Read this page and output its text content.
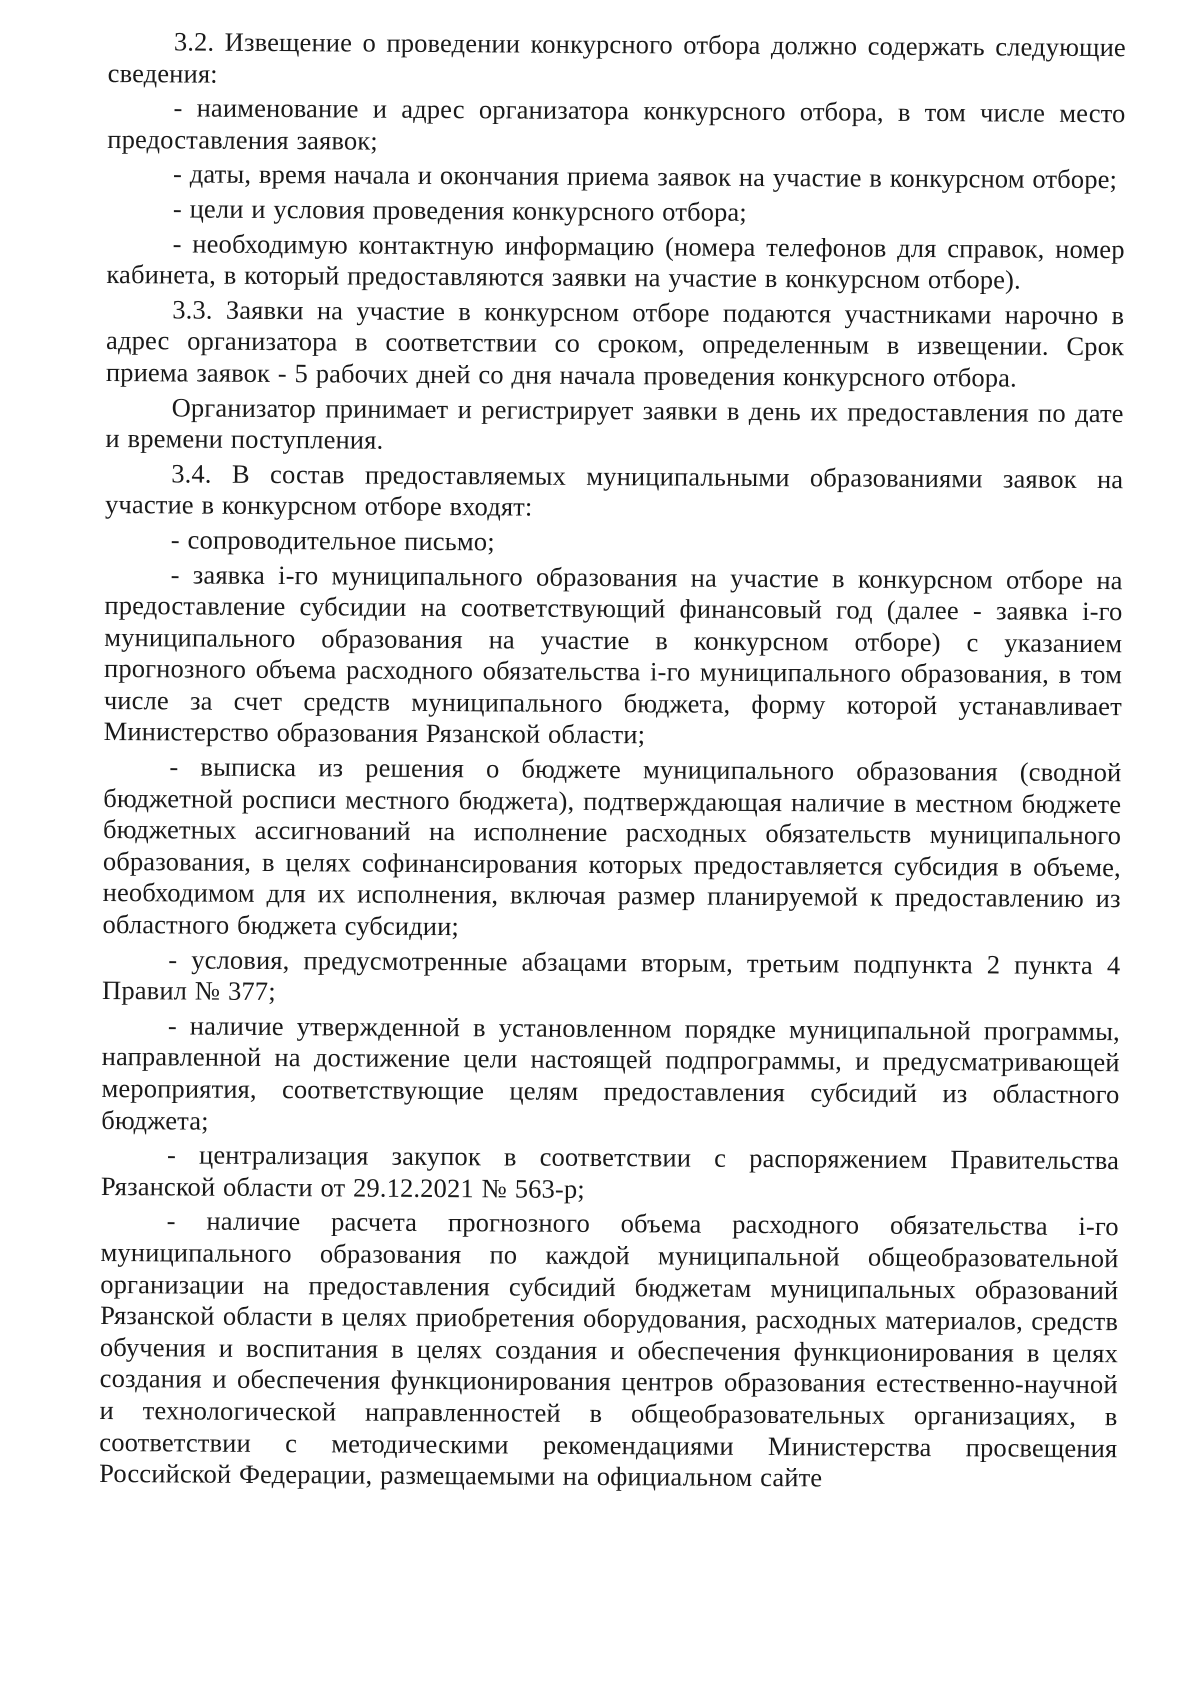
3.2. Извещение о проведении конкурсного отбора должно содержать следующие сведения:

- наименование и адрес организатора конкурсного отбора, в том числе место предоставления заявок;

- даты, время начала и окончания приема заявок на участие в конкурсном отборе;

- цели и условия проведения конкурсного отбора;

- необходимую контактную информацию (номера телефонов для справок, номер кабинета, в который предоставляются заявки на участие в конкурсном отборе).

3.3. Заявки на участие в конкурсном отборе подаются участниками нарочно в адрес организатора в соответствии со сроком, определенным в извещении. Срок приема заявок - 5 рабочих дней со дня начала проведения конкурсного отбора.

Организатор принимает и регистрирует заявки в день их предоставления по дате и времени поступления.

3.4. В состав предоставляемых муниципальными образованиями заявок на участие в конкурсном отборе входят:

- сопроводительное письмо;

- заявка i-го муниципального образования на участие в конкурсном отборе на предоставление субсидии на соответствующий финансовый год (далее - заявка i-го муниципального образования на участие в конкурсном отборе) с указанием прогнозного объема расходного обязательства i-го муниципального образования, в том числе за счет средств муниципального бюджета, форму которой устанавливает Министерство образования Рязанской области;

- выписка из решения о бюджете муниципального образования (сводной бюджетной росписи местного бюджета), подтверждающая наличие в местном бюджете бюджетных ассигнований на исполнение расходных обязательств муниципального образования, в целях софинансирования которых предоставляется субсидия в объеме, необходимом для их исполнения, включая размер планируемой к предоставлению из областного бюджета субсидии;

- условия, предусмотренные абзацами вторым, третьим подпункта 2 пункта 4 Правил № 377;

- наличие утвержденной в установленном порядке муниципальной программы, направленной на достижение цели настоящей подпрограммы, и предусматривающей мероприятия, соответствующие целям предоставления субсидий из областного бюджета;

- централизация закупок в соответствии с распоряжением Правительства Рязанской области от 29.12.2021 № 563-р;

- наличие расчета прогнозного объема расходного обязательства i-го муниципального образования по каждой муниципальной общеобразовательной организации на предоставления субсидий бюджетам муниципальных образований Рязанской области в целях приобретения оборудования, расходных материалов, средств обучения и воспитания в целях создания и обеспечения функционирования в целях создания и обеспечения функционирования центров образования естественно-научной и технологической направленностей в общеобразовательных организациях, в соответствии с методическими рекомендациями Министерства просвещения Российской Федерации, размещаемыми на официальном сайте
